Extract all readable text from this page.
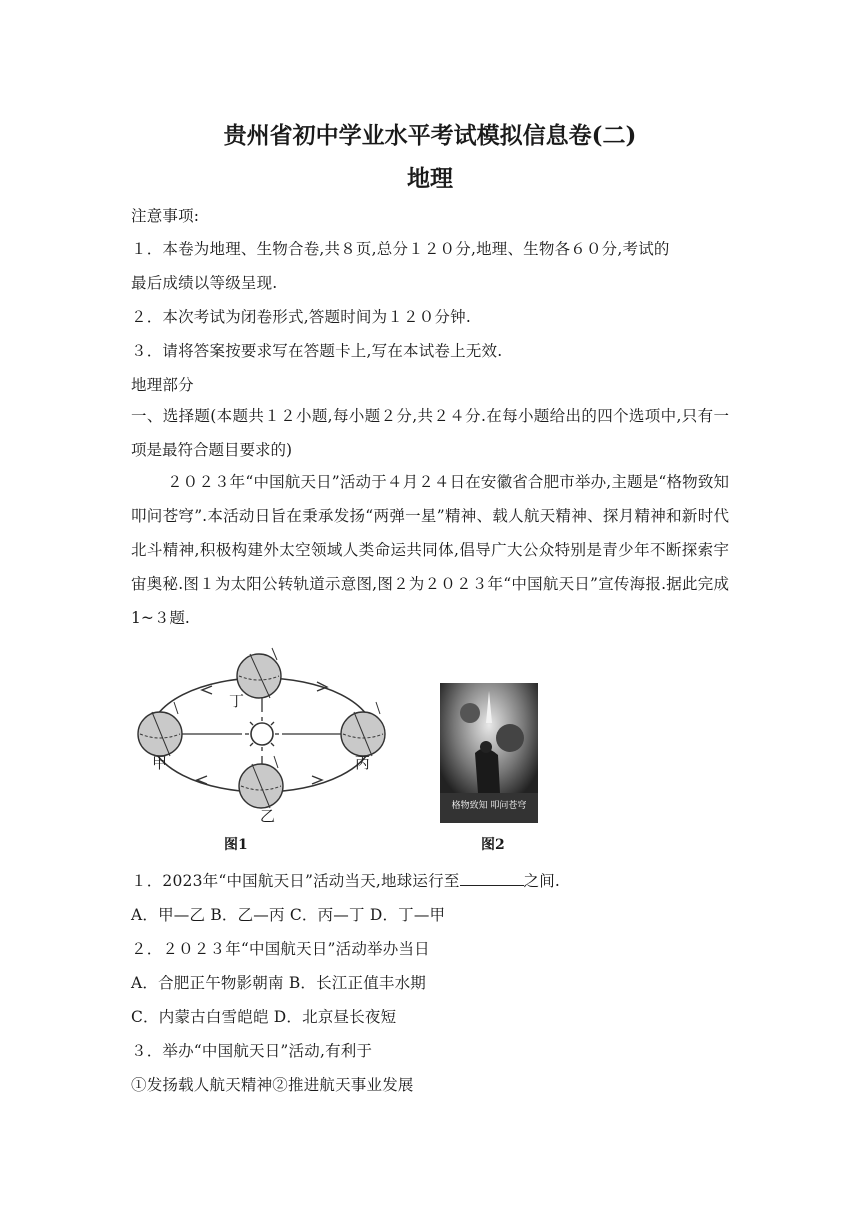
贵州省初中学业水平考试模拟信息卷(二)
地理
注意事项:
１．本卷为地理、生物合卷,共８页,总分１２０分,地理、生物各６０分,考试的
最后成绩以等级呈现.
２．本次考试为闭卷形式,答题时间为１２０分钟.
３．请将答案按要求写在答题卡上,写在本试卷上无效.
地理部分
一、选择题(本题共１２小题,每小题２分,共２４分.在每小题给出的四个选项中,只有一项是最符合题目要求的)
２０２３年“中国航天日”活动于４月２４日在安徽省合肥市举办,主题是“格物致知叩问苍穹”.本活动日旨在秉承发扬“两弹一星”精神、载人航天精神、探月精神和新时代北斗精神,积极构建外太空领域人类命运共同体,倡导广大公众特别是青少年不断探索宇宙奥秘.图１为太阳公转轨道示意图,图２为２０２３年“中国航天日”宣传海报.据此完成1~３题.
丁
甲	丙
乙
图1
格物致知 叩问苍穹
图2
１．2023年“中国航天日”活动当天,地球运行至	之间.
A．甲—乙 B．乙—丙 C．丙—丁 D．丁—甲
２．２０２３年“中国航天日”活动举办当日
A．合肥正午物影朝南 B．长江正值丰水期
C．内蒙古白雪皑皑 D．北京昼长夜短
３．举办“中国航天日”活动,有利于
①发扬载人航天精神②推进航天事业发展
